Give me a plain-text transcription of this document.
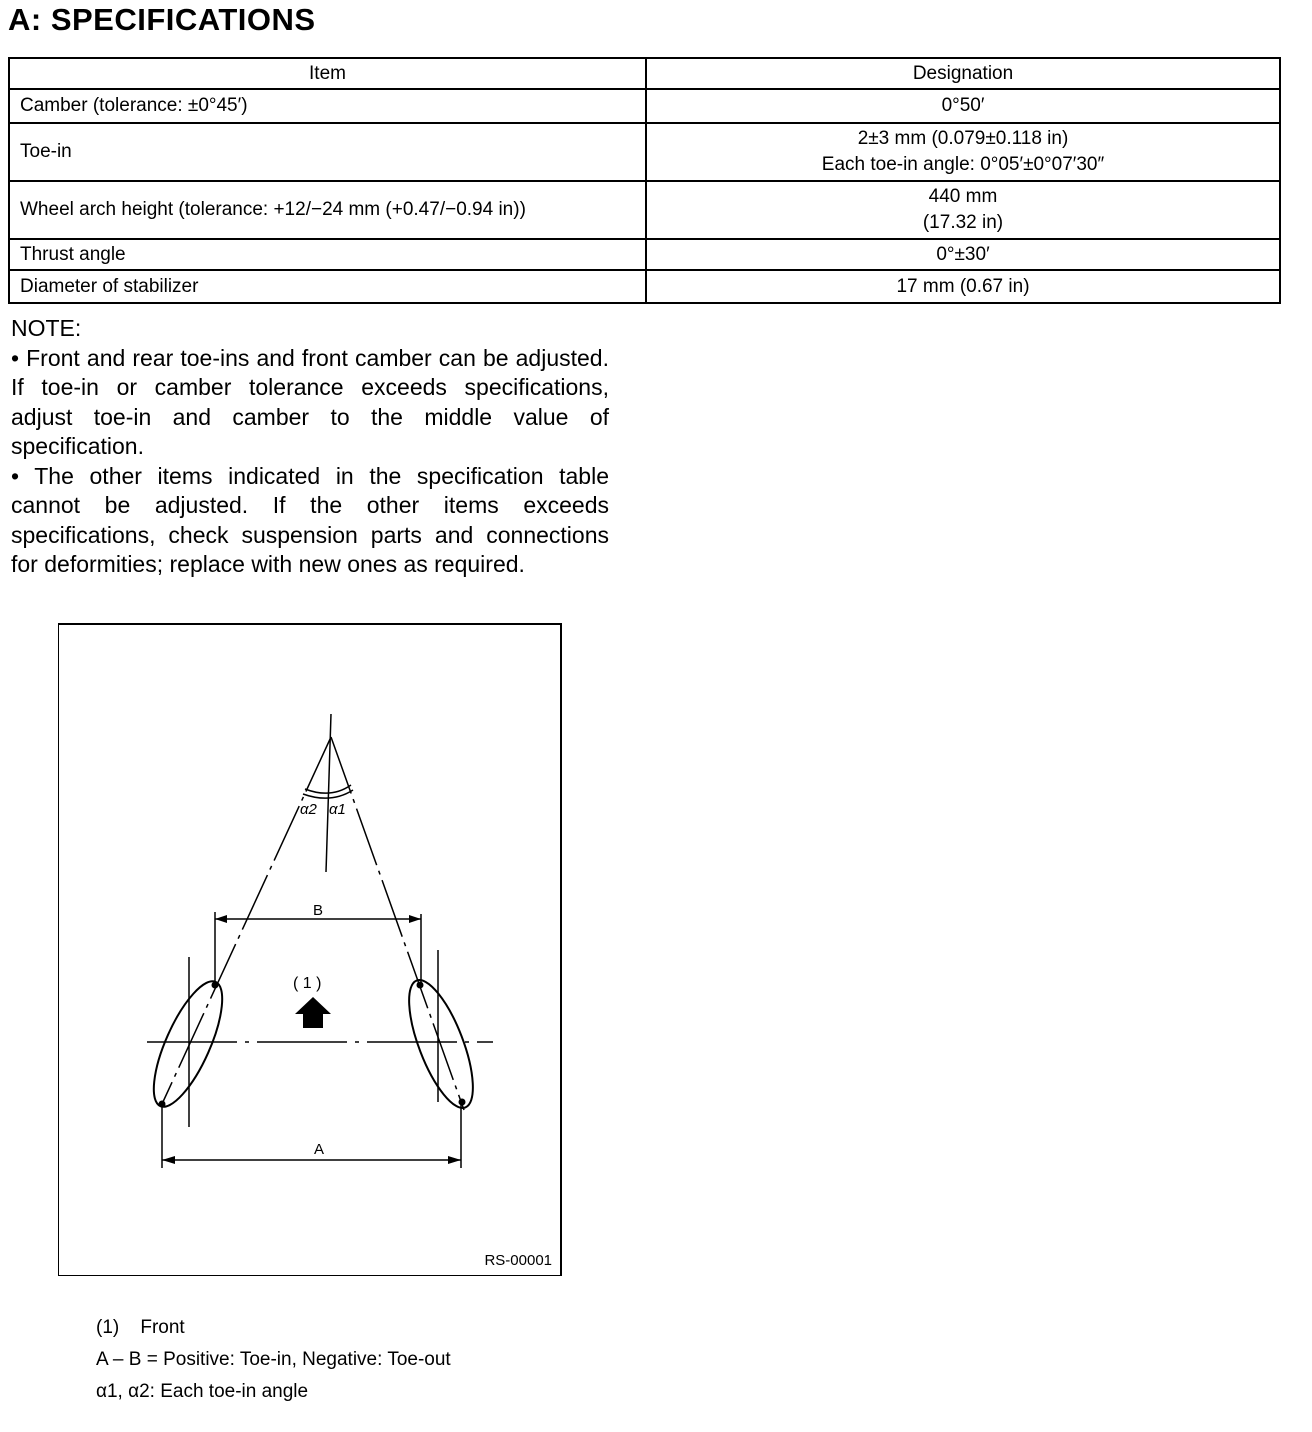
A: SPECIFICATIONS
Item	Designation
Camber (tolerance: ±0°45′)	0°50′

Toe-in	2±3 mm (0.079±0.118 in)
Each toe-in angle: 0°05′±0°07′30″

Wheel arch height (tolerance: +12/−24 mm (+0.47/−0.94 in))	440 mm
(17.32 in)

Thrust angle	0°±30′

Diameter of stabilizer	17 mm (0.67 in)

NOTE:

• Front and rear toe-ins and front camber can be adjusted. If toe-in or camber tolerance exceeds specifications, adjust toe-in and camber to the middle value of specification.

• The other items indicated in the specification table cannot be adjusted. If the other items exceeds specifications, check suspension parts and connections for deformities; replace with new ones as required.

α2 α1
B
A
( 1 )
RS-00001
(1)    Front
A – B = Positive: Toe-in, Negative: Toe-out
α1, α2: Each toe-in angle
